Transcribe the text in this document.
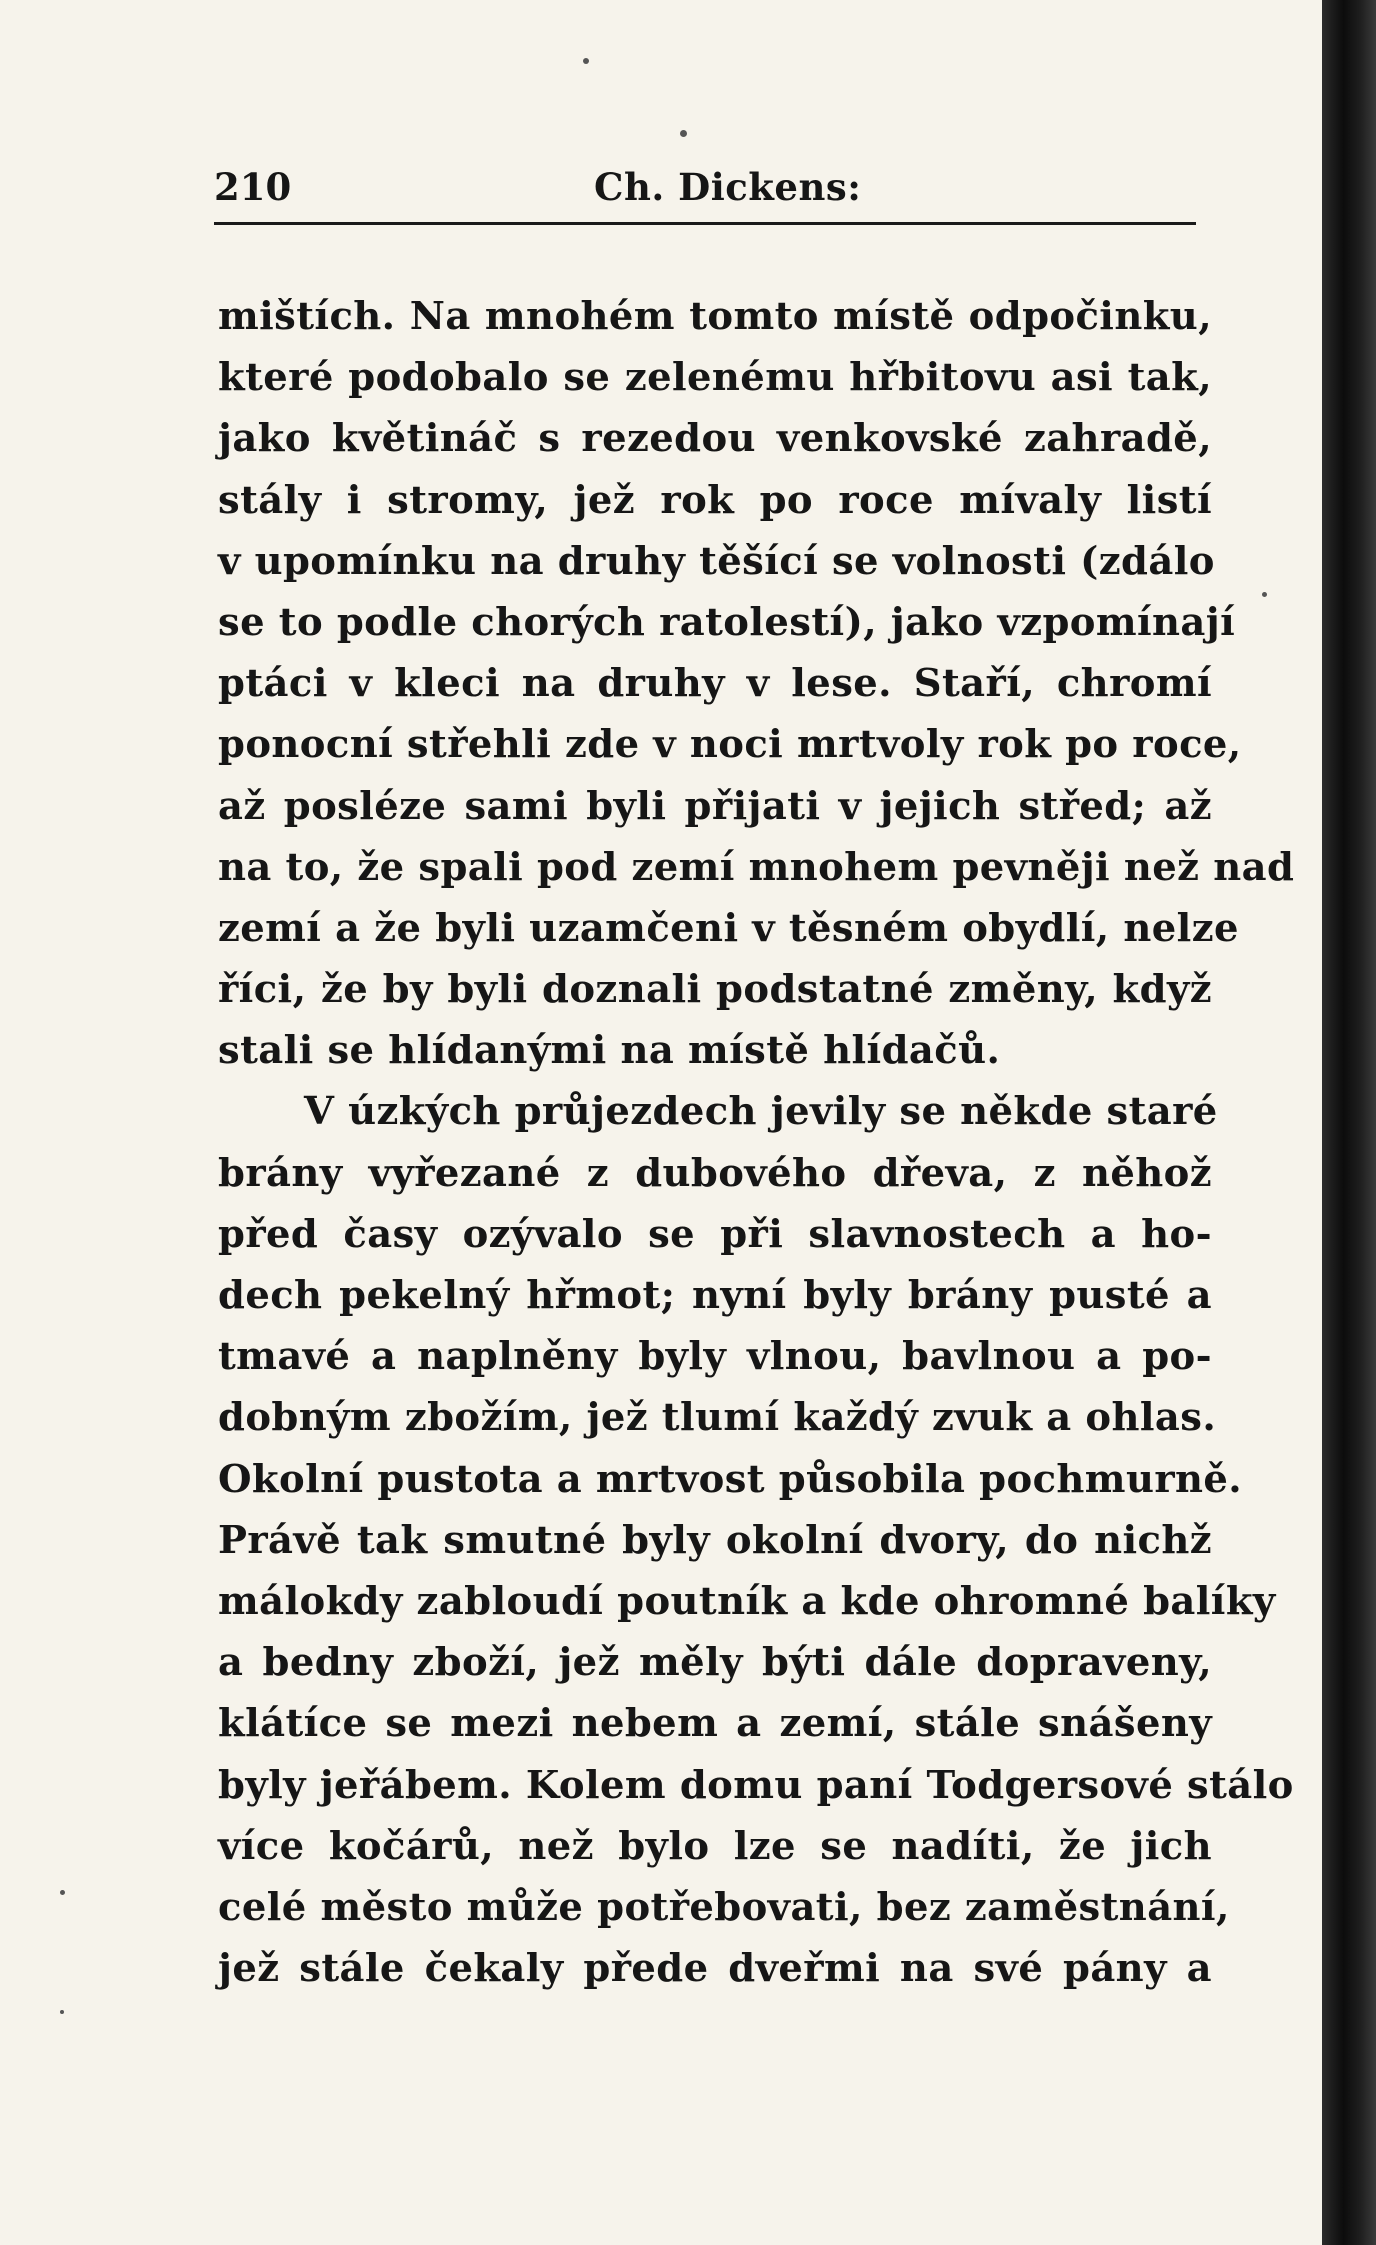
210	Ch. Dickens:
mištích. Na mnohém tomto místě odpočinku,
které podobalo se zelenému hřbitovu asi tak,
jako květináč s rezedou venkovské zahradě,
stály i stromy, jež rok po roce mívaly listí
v upomínku na druhy těšící se volnosti (zdálo
se to podle chorých ratolestí), jako vzpomínají
ptáci v kleci na druhy v lese. Staří, chromí
ponocní střehli zde v noci mrtvoly rok po roce,
až posléze sami byli přijati v jejich střed; až
na to, že spali pod zemí mnohem pevněji než nad
zemí a že byli uzamčeni v těsném obydlí, nelze
říci, že by byli doznali podstatné změny, když
stali se hlídanými na místě hlídačů.
V úzkých průjezdech jevily se někde staré
brány vyřezané z dubového dřeva, z něhož
před časy ozývalo se při slavnostech a ho-
dech pekelný hřmot; nyní byly brány pusté a
tmavé a naplněny byly vlnou, bavlnou a po-
dobným zbožím, jež tlumí každý zvuk a ohlas.
Okolní pustota a mrtvost působila pochmurně.
Právě tak smutné byly okolní dvory, do nichž
málokdy zabloudí poutník a kde ohromné balíky
a bedny zboží, jež měly býti dále dopraveny,
klátíce se mezi nebem a zemí, stále snášeny
byly jeřábem. Kolem domu paní Todgersové stálo
více kočárů, než bylo lze se nadíti, že jich
celé město může potřebovati, bez zaměstnání,
jež stále čekaly přede dveřmi na své pány a
